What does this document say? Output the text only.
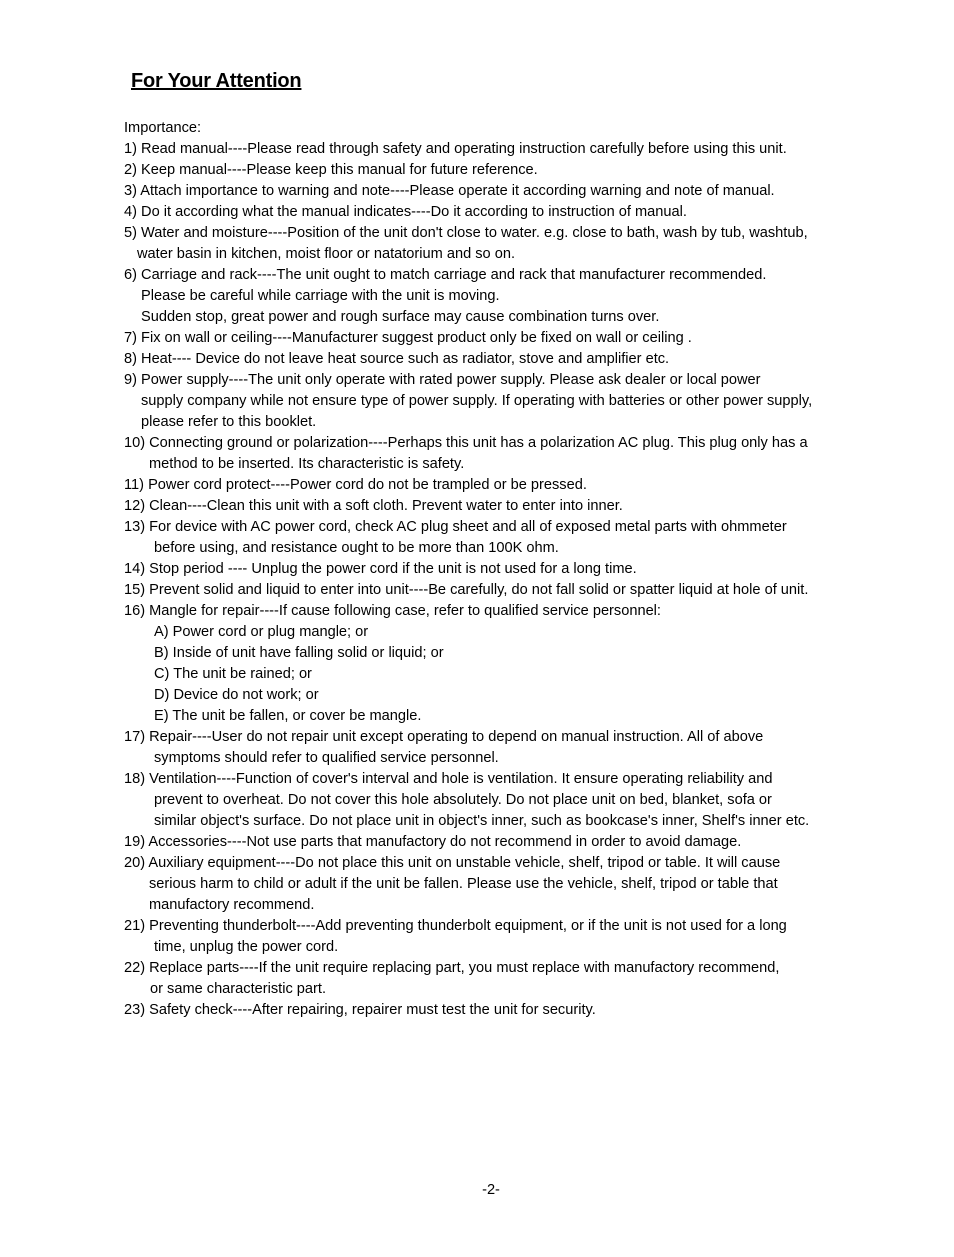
For Your Attention
Importance:
1) Read manual----Please read through safety and operating instruction carefully before using this unit.
2) Keep manual----Please keep this manual for future reference.
3) Attach importance to warning and note----Please operate it according warning and note of manual.
4) Do it according what the manual indicates----Do it according to instruction of manual.
5) Water and moisture----Position of the unit don't close to water. e.g. close to bath, wash by tub, washtub,
water basin in kitchen, moist floor or natatorium and so on.
6) Carriage and rack----The unit ought to match carriage and rack that manufacturer recommended.
Please be careful while carriage with the unit is moving.
Sudden stop, great power and rough surface may cause combination turns over.
7) Fix on wall or ceiling----Manufacturer suggest product only be fixed on wall or ceiling .
8) Heat---- Device do not leave heat source such as radiator, stove and amplifier etc.
9) Power supply----The unit only operate with rated power supply. Please ask dealer or local power
supply company while not ensure type of power supply. If operating with batteries or other power supply,
please refer to this booklet.
10) Connecting ground or polarization----Perhaps this unit has a polarization AC plug. This plug only has a
method to be inserted. Its characteristic is safety.
11) Power cord protect----Power cord do not be trampled or be pressed.
12) Clean----Clean this unit with a soft cloth. Prevent water to enter into inner.
13) For device with AC power cord, check AC plug sheet and all of exposed metal parts with ohmmeter
before using, and resistance ought to be more than 100K ohm.
14) Stop period ---- Unplug the power cord if the unit is not used for a long time.
15) Prevent solid and liquid to enter into unit----Be carefully, do not fall solid or spatter liquid at hole of unit.
16) Mangle for repair----If cause following case, refer to qualified service personnel:
A) Power cord or plug mangle; or
B) Inside of unit have falling solid or liquid; or
C) The unit be rained; or
D) Device do not work; or
E) The unit be fallen, or cover be mangle.
17) Repair----User do not repair unit except operating to depend on manual instruction. All of above
symptoms should refer to qualified service personnel.
18) Ventilation----Function of cover's interval and hole is ventilation. It ensure operating reliability and
prevent to overheat. Do not cover this hole absolutely. Do not place unit on bed, blanket, sofa or
similar object's surface. Do not place unit in object's inner, such as bookcase's inner, Shelf's inner etc.
19) Accessories----Not use parts that manufactory do not recommend in order to avoid damage.
20) Auxiliary equipment----Do not place this unit on unstable vehicle, shelf, tripod or table. It will cause
serious harm to child or adult if the unit be fallen. Please use the vehicle, shelf, tripod or table that
manufactory recommend.
21) Preventing thunderbolt----Add preventing thunderbolt equipment, or if the unit is not used for a long
time, unplug the power cord.
22) Replace parts----If the unit require replacing part, you must replace with manufactory recommend,
or same characteristic part.
23) Safety check----After repairing, repairer must test the unit for security.
-2-
